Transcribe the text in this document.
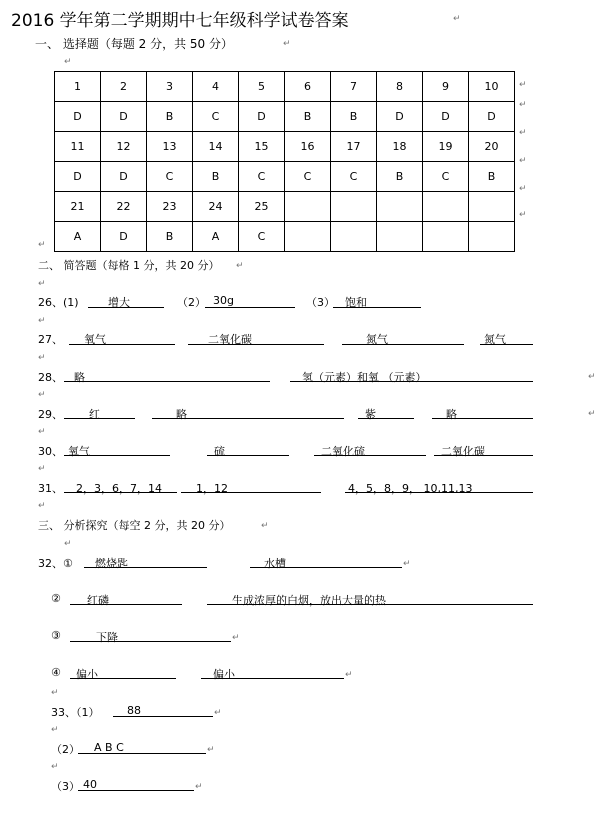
2016 学年第二学期期中七年级科学试卷答案	↵
一、 选择题（每题 2 分，共 50 分）	↵
↵
1	2	3	4	5	6	7	8	9	10
D	D	B	C	D	B	B	D	D	D
11	12	13	14	15	16	17	18	19	20
D	D	C	B	C	C	C	B	C	B
21	22	23	24	25					
A	D	B	A	C					
↵
↵
↵
↵
↵
↵
↵
二、 简答题（每格 1 分，共 20 分） ↵
↵
26、(1)	增大	（2） 30g	（3） 饱和
↵
27、 氧气	二氧化碳	氮气	氮气
↵
28、 略	氢（元素）和氧 （元素）	↵
↵
29、 红	略	紫	略	↵
↵
30、 氧气	硫	二氧化硫	二氧化碳
↵
31、 2，3，6，7，14	1，12	4，5，8，9， 10,11,13
↵
三、 分析探究（每空 2 分，共 20 分）	↵
↵
32、① 燃烧匙	水槽	↵
② 红磷	生成浓厚的白烟，放出大量的热
③	下降	↵
④ 偏小	偏小	↵
↵
33、（1）	88	↵
↵
（2） A B C	↵
↵
（3） 40	↵
